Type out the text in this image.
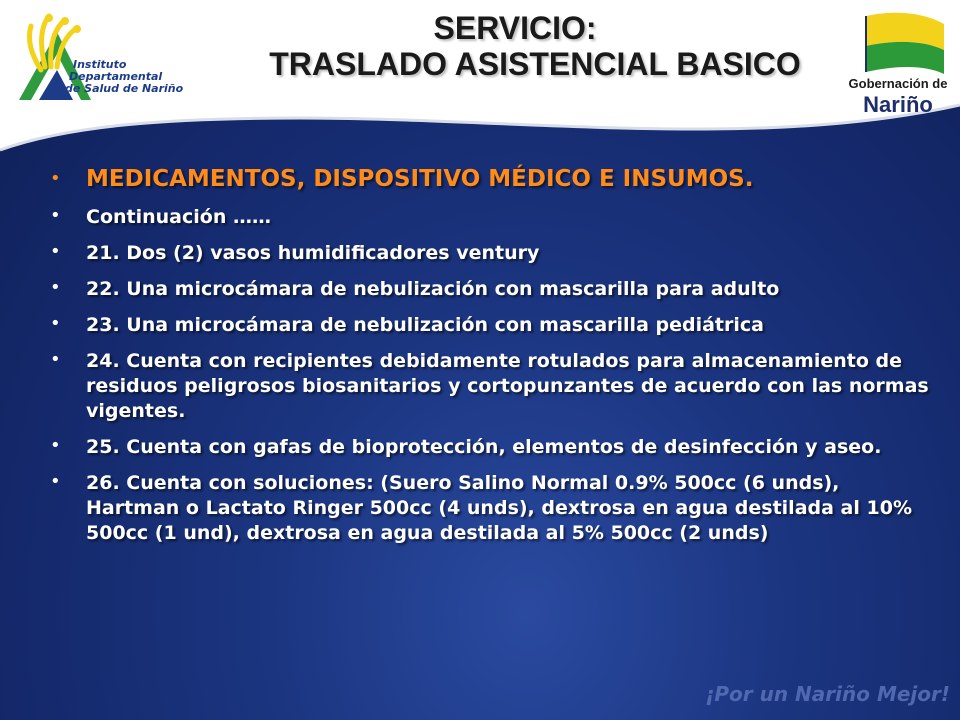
Instituto
Departamental
de Salud de Nariño
SERVICIO:
TRASLADO ASISTENCIAL BASICO
Gobernación de
Nariño
• MEDICAMENTOS, DISPOSITIVO MÉDICO E INSUMOS.
• Continuación ……
• 21. Dos (2) vasos humidificadores ventury
• 22. Una microcámara de nebulización con mascarilla para adulto
• 23. Una microcámara de nebulización con mascarilla pediátrica
• 24. Cuenta con recipientes debidamente rotulados para almacenamiento de residuos peligrosos biosanitarios y cortopunzantes de acuerdo con las normas vigentes.
• 25. Cuenta con gafas de bioprotección, elementos de desinfección y aseo.
• 26. Cuenta con soluciones: (Suero Salino Normal 0.9% 500cc (6 unds), Hartman o Lactato Ringer 500cc (4 unds), dextrosa en agua destilada al 10% 500cc (1 und), dextrosa en agua destilada al 5% 500cc (2 unds)
¡Por un Nariño Mejor!
